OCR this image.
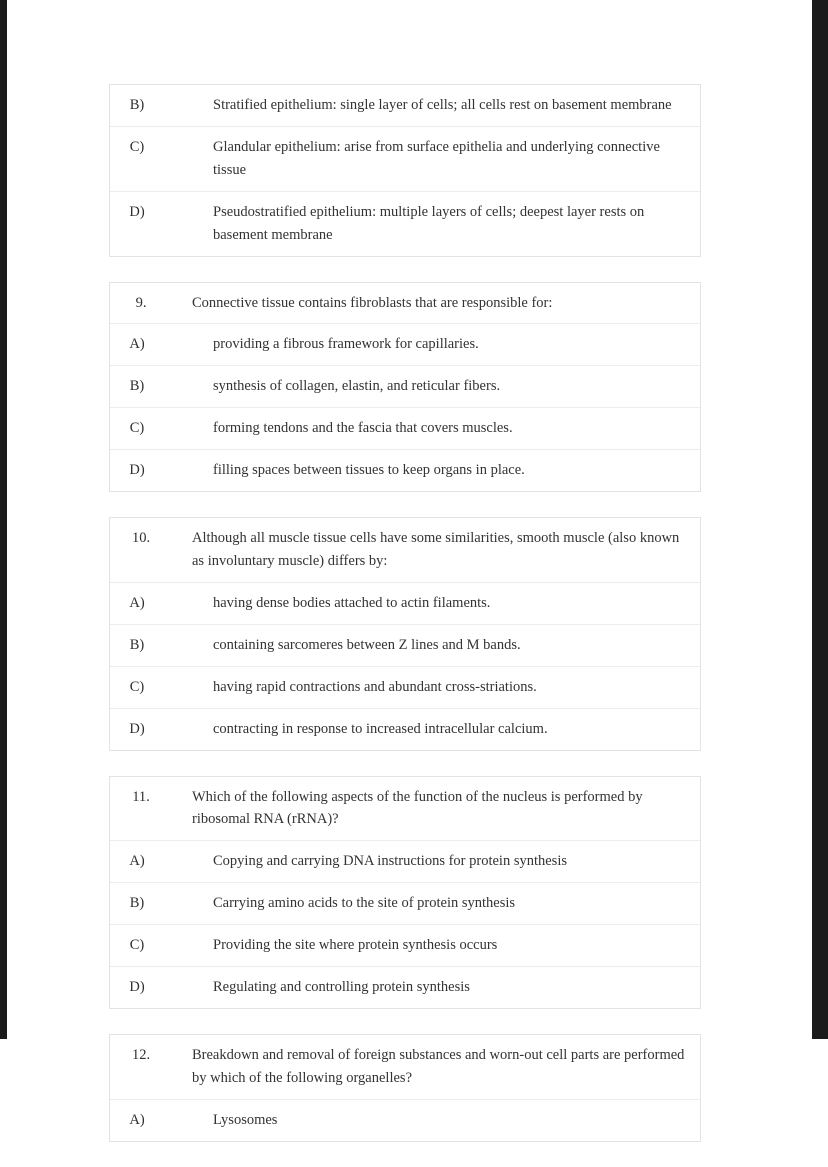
B)	Stratified epithelium: single layer of cells; all cells rest on basement membrane
C)	Glandular epithelium: arise from surface epithelia and underlying connective tissue
D)	Pseudostratified epithelium: multiple layers of cells; deepest layer rests on basement membrane
9.	Connective tissue contains fibroblasts that are responsible for:
A)	providing a fibrous framework for capillaries.
B)	synthesis of collagen, elastin, and reticular fibers.
C)	forming tendons and the fascia that covers muscles.
D)	filling spaces between tissues to keep organs in place.
10.	Although all muscle tissue cells have some similarities, smooth muscle (also known as involuntary muscle) differs by:
A)	having dense bodies attached to actin filaments.
B)	containing sarcomeres between Z lines and M bands.
C)	having rapid contractions and abundant cross-striations.
D)	contracting in response to increased intracellular calcium.
11.	Which of the following aspects of the function of the nucleus is performed by ribosomal RNA (rRNA)?
A)	Copying and carrying DNA instructions for protein synthesis
B)	Carrying amino acids to the site of protein synthesis
C)	Providing the site where protein synthesis occurs
D)	Regulating and controlling protein synthesis
12.	Breakdown and removal of foreign substances and worn-out cell parts are performed by which of the following organelles?
A)	Lysosomes
